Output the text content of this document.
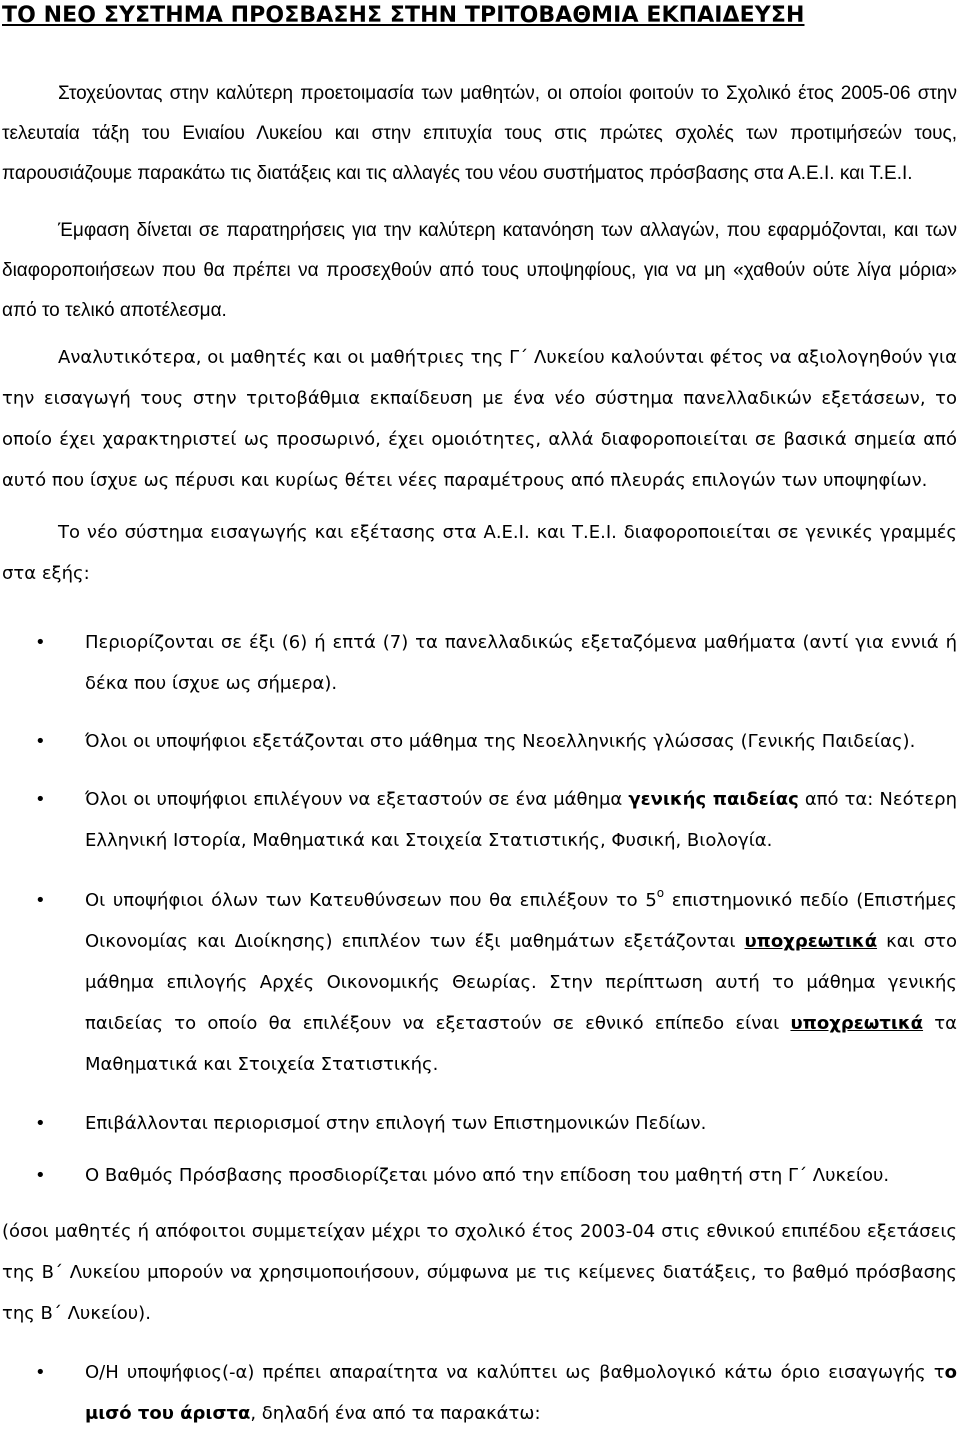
ΤΟ ΝΕΟ ΣΥΣΤΗΜΑ ΠΡΟΣΒΑΣΗΣ ΣΤΗΝ ΤΡΙΤΟΒΑΘΜΙΑ ΕΚΠΑΙΔΕΥΣΗ

Στοχεύοντας στην καλύτερη προετοιμασία των μαθητών, οι οποίοι φοιτούν το Σχολικό έτος 2005-06 στην τελευταία τάξη του Ενιαίου Λυκείου και στην επιτυχία τους στις πρώτες σχολές των προτιμήσεών τους, παρουσιάζουμε παρακάτω τις διατάξεις και τις αλλαγές του νέου συστήματος πρόσβασης στα Α.Ε.Ι. και Τ.Ε.Ι.

Έμφαση δίνεται σε παρατηρήσεις για την καλύτερη κατανόηση των αλλαγών, που εφαρμόζονται, και των διαφοροποιήσεων που θα πρέπει να προσεχθούν από τους υποψηφίους, για να μη «χαθούν ούτε λίγα μόρια» από το τελικό αποτέλεσμα.

Αναλυτικότερα, οι μαθητές και οι μαθήτριες της Γ΄ Λυκείου καλούνται φέτος να αξιολογηθούν για την εισαγωγή τους στην τριτοβάθμια εκπαίδευση με ένα νέο σύστημα πανελλαδικών εξετάσεων, το οποίο έχει χαρακτηριστεί ως προσωρινό, έχει ομοιότητες, αλλά διαφοροποιείται σε βασικά σημεία από αυτό που ίσχυε ως πέρυσι και κυρίως θέτει νέες παραμέτρους από πλευράς επιλογών των υποψηφίων.

Το νέο σύστημα εισαγωγής και εξέτασης στα Α.Ε.Ι. και Τ.Ε.Ι. διαφοροποιείται σε γενικές γραμμές στα εξής:

• Περιορίζονται σε έξι (6) ή επτά (7) τα πανελλαδικώς εξεταζόμενα μαθήματα (αντί για εννιά ή δέκα που ίσχυε ως σήμερα).
• Όλοι οι υποψήφιοι εξετάζονται στο μάθημα της Νεοελληνικής γλώσσας (Γενικής Παιδείας).
• Όλοι οι υποψήφιοι επιλέγουν να εξεταστούν σε ένα μάθημα γενικής παιδείας από τα: Νεότερη Ελληνική Ιστορία, Μαθηματικά και Στοιχεία Στατιστικής, Φυσική, Βιολογία.
• Οι υποψήφιοι όλων των Κατευθύνσεων που θα επιλέξουν το $5^o$ επιστημονικό πεδίο (Επιστήμες Οικονομίας και Διοίκησης) επιπλέον των έξι μαθημάτων εξετάζονται υποχρεωτικά και στο μάθημα επιλογής Αρχές Οικονομικής Θεωρίας. Στην περίπτωση αυτή το μάθημα γενικής παιδείας το οποίο θα επιλέξουν να εξεταστούν σε εθνικό επίπεδο είναι υποχρεωτικά τα Μαθηματικά και Στοιχεία Στατιστικής.
• Επιβάλλονται περιορισμοί στην επιλογή των Επιστημονικών Πεδίων.
• Ο Βαθμός Πρόσβασης προσδιορίζεται μόνο από την επίδοση του μαθητή στη Γ΄ Λυκείου.

(όσοι μαθητές ή απόφοιτοι συμμετείχαν μέχρι το σχολικό έτος 2003-04 στις εθνικού επιπέδου εξετάσεις της Β΄ Λυκείου μπορούν να χρησιμοποιήσουν, σύμφωνα με τις κείμενες διατάξεις, το βαθμό πρόσβασης της Β΄ Λυκείου).

• Ο/Η υποψήφιος(-α) πρέπει απαραίτητα να καλύπτει ως βαθμολογικό κάτω όριο εισαγωγής το μισό του άριστα, δηλαδή ένα από τα παρακάτω:
